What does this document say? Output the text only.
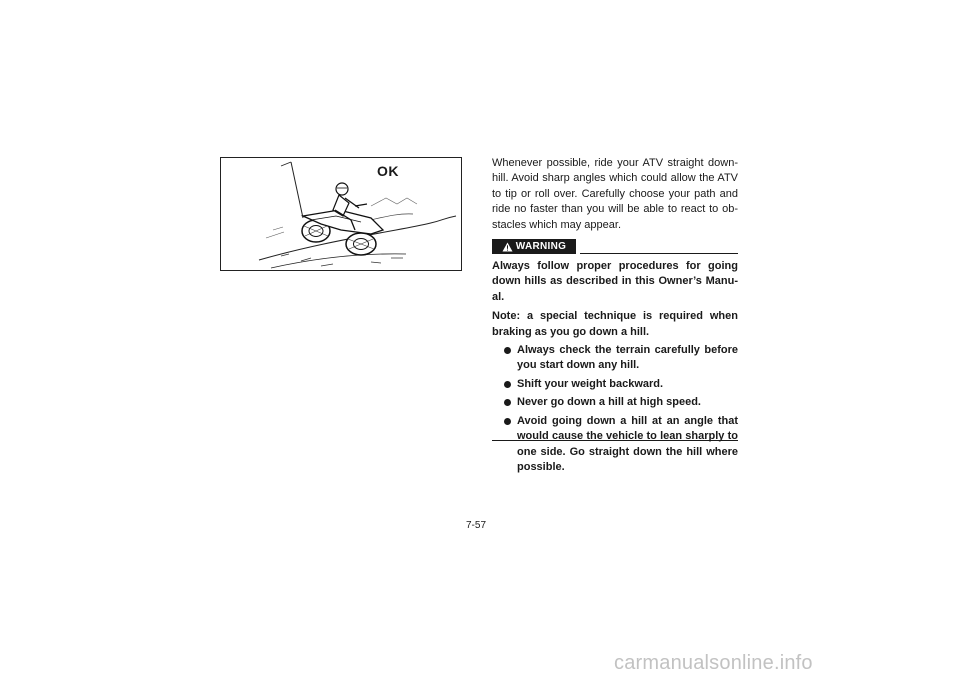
OK	Whenever possible, ride your ATV straight down-hill. Avoid sharp angles which could allow the ATV to tip or roll over. Carefully choose your path and ride no faster than you will be able to react to ob-stacles which may appear.

WARNING

Always follow proper procedures for going down hills as described in this Owner’s Manu-al.

Note: a special technique is required when braking as you go down a hill.

Always check the terrain carefully before you start down any hill.
Shift your weight backward.
Never go down a hill at high speed.
Avoid going down a hill at an angle that would cause the vehicle to lean sharply to one side. Go straight down the hill where possible.
7-57
carmanualsonline.info
